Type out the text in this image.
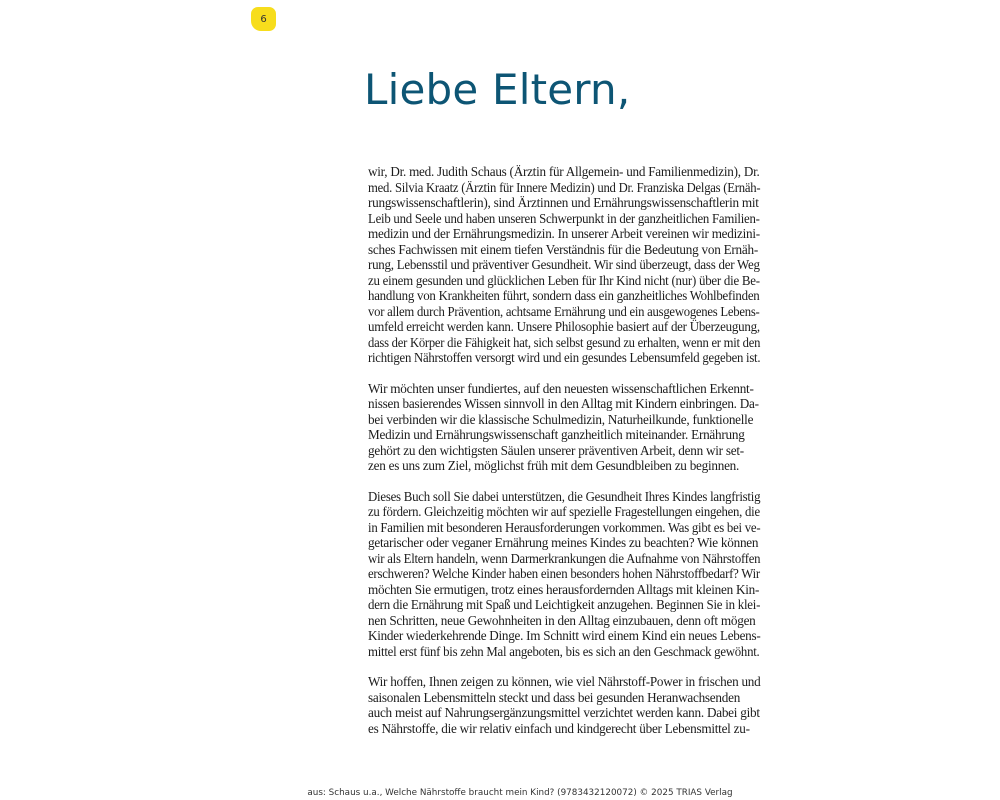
6
Liebe Eltern,
wir, Dr. med. Judith Schaus (Ärztin für Allgemein- und Familienmedizin), Dr.
med. Silvia Kraatz (Ärztin für Innere Medizin) und Dr. Franziska Delgas (Ernäh-
rungswissenschaftlerin), sind Ärztinnen und Ernährungswissenschaftlerin mit
Leib und Seele und haben unseren Schwerpunkt in der ganzheitlichen Familien-
medizin und der Ernährungsmedizin. In unserer Arbeit vereinen wir medizini-
sches Fachwissen mit einem tiefen Verständnis für die Bedeutung von Ernäh-
rung, Lebensstil und präventiver Gesundheit. Wir sind überzeugt, dass der Weg
zu einem gesunden und glücklichen Leben für Ihr Kind nicht (nur) über die Be-
handlung von Krankheiten führt, sondern dass ein ganzheitliches Wohlbefinden
vor allem durch Prävention, achtsame Ernährung und ein ausgewogenes Lebens-
umfeld erreicht werden kann. Unsere Philosophie basiert auf der Überzeugung,
dass der Körper die Fähigkeit hat, sich selbst gesund zu erhalten, wenn er mit den
richtigen Nährstoffen versorgt wird und ein gesundes Lebensumfeld gegeben ist.
Wir möchten unser fundiertes, auf den neuesten wissenschaftlichen Erkennt-
nissen basierendes Wissen sinnvoll in den Alltag mit Kindern einbringen. Da-
bei verbinden wir die klassische Schulmedizin, Naturheilkunde, funktionelle
Medizin und Ernährungswissenschaft ganzheitlich miteinander. Ernährung
gehört zu den wichtigsten Säulen unserer präventiven Arbeit, denn wir set-
zen es uns zum Ziel, möglichst früh mit dem Gesundbleiben zu beginnen.
Dieses Buch soll Sie dabei unterstützen, die Gesundheit Ihres Kindes langfristig
zu fördern. Gleichzeitig möchten wir auf spezielle Fragestellungen eingehen, die
in Familien mit besonderen Herausforderungen vorkommen. Was gibt es bei ve-
getarischer oder veganer Ernährung meines Kindes zu beachten? Wie können
wir als Eltern handeln, wenn Darmerkrankungen die Aufnahme von Nährstoffen
erschweren? Welche Kinder haben einen besonders hohen Nährstoffbedarf? Wir
möchten Sie ermutigen, trotz eines herausfordernden Alltags mit kleinen Kin-
dern die Ernährung mit Spaß und Leichtigkeit anzugehen. Beginnen Sie in klei-
nen Schritten, neue Gewohnheiten in den Alltag einzubauen, denn oft mögen
Kinder wiederkehrende Dinge. Im Schnitt wird einem Kind ein neues Lebens-
mittel erst fünf bis zehn Mal angeboten, bis es sich an den Geschmack gewöhnt.
Wir hoffen, Ihnen zeigen zu können, wie viel Nährstoff-Power in frischen und
saisonalen Lebensmitteln steckt und dass bei gesunden Heranwachsenden
auch meist auf Nahrungsergänzungsmittel verzichtet werden kann. Dabei gibt
es Nährstoffe, die wir relativ einfach und kindgerecht über Lebensmittel zu-
aus: Schaus u.a., Welche Nährstoffe braucht mein Kind? (9783432120072) © 2025 TRIAS Verlag
